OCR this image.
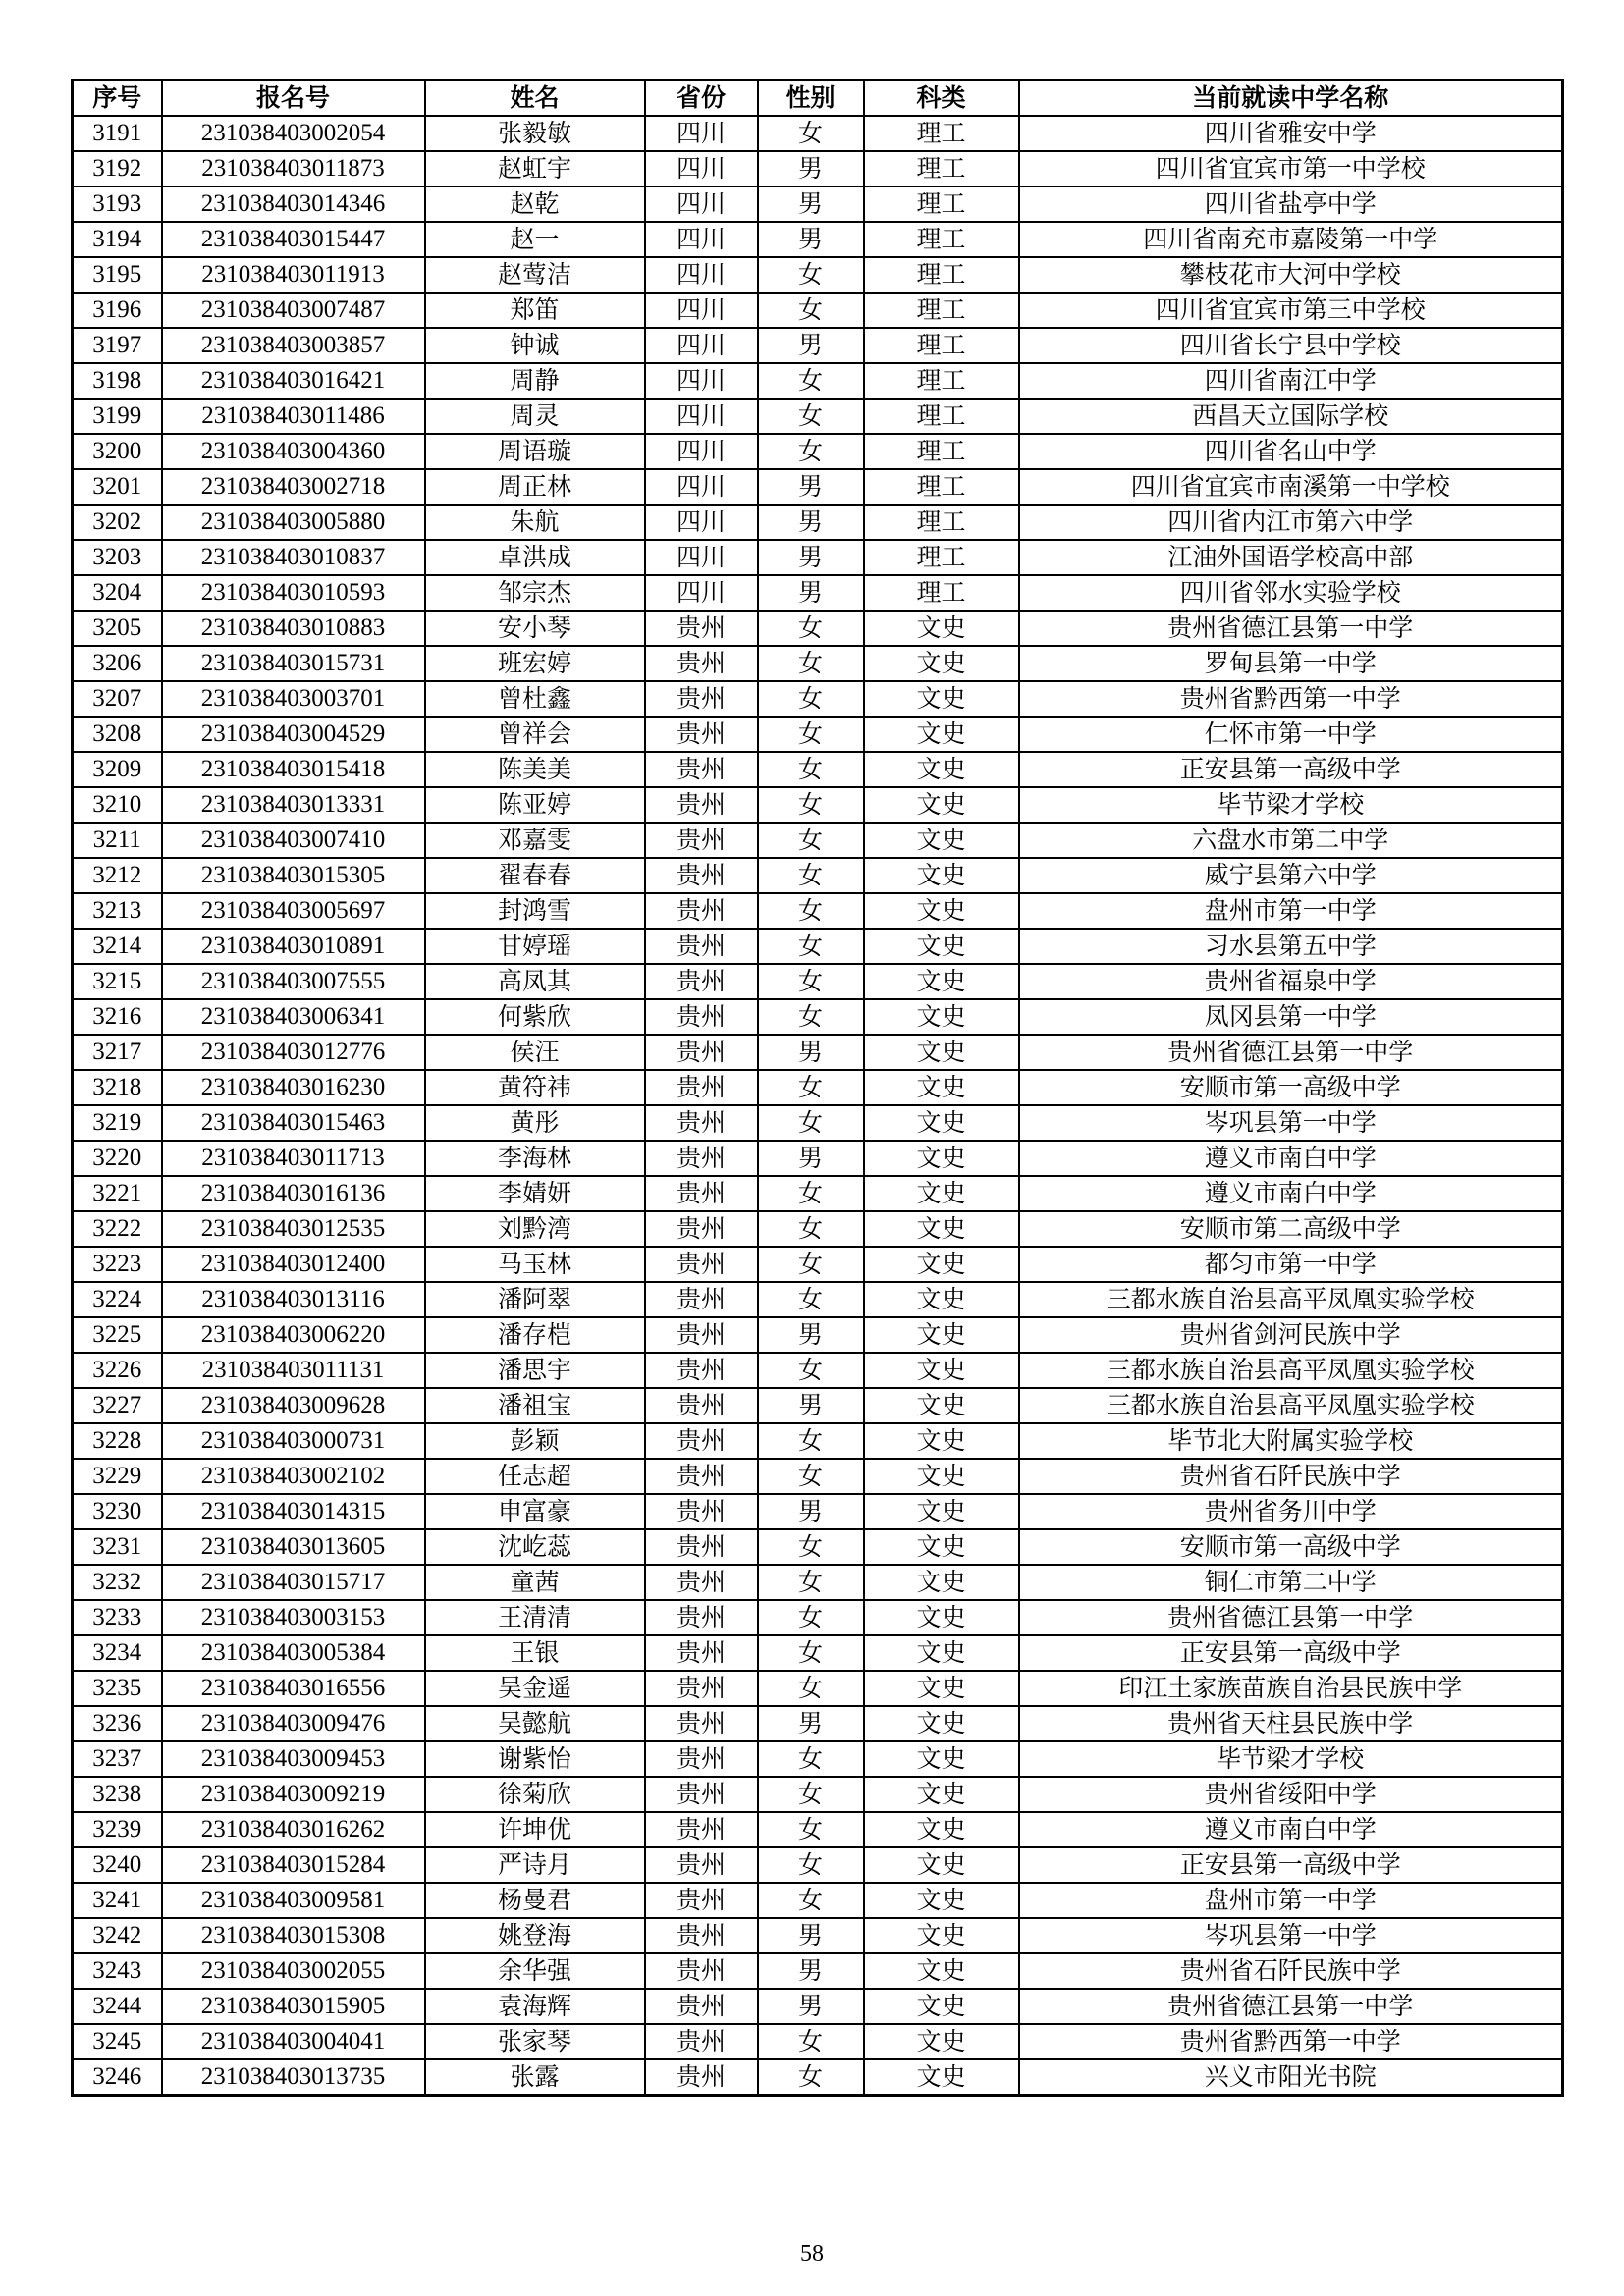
序号	报名号	姓名	省份	性别	科类	当前就读中学名称
3191	231038403002054	张毅敏	四川	女	理工	四川省雅安中学
3192	231038403011873	赵虹宇	四川	男	理工	四川省宜宾市第一中学校
3193	231038403014346	赵乾	四川	男	理工	四川省盐亭中学
3194	231038403015447	赵一	四川	男	理工	四川省南充市嘉陵第一中学
3195	231038403011913	赵莺洁	四川	女	理工	攀枝花市大河中学校
3196	231038403007487	郑笛	四川	女	理工	四川省宜宾市第三中学校
3197	231038403003857	钟诚	四川	男	理工	四川省长宁县中学校
3198	231038403016421	周静	四川	女	理工	四川省南江中学
3199	231038403011486	周灵	四川	女	理工	西昌天立国际学校
3200	231038403004360	周语璇	四川	女	理工	四川省名山中学
3201	231038403002718	周正林	四川	男	理工	四川省宜宾市南溪第一中学校
3202	231038403005880	朱航	四川	男	理工	四川省内江市第六中学
3203	231038403010837	卓洪成	四川	男	理工	江油外国语学校高中部
3204	231038403010593	邹宗杰	四川	男	理工	四川省邻水实验学校
3205	231038403010883	安小琴	贵州	女	文史	贵州省德江县第一中学
3206	231038403015731	班宏婷	贵州	女	文史	罗甸县第一中学
3207	231038403003701	曾杜鑫	贵州	女	文史	贵州省黔西第一中学
3208	231038403004529	曾祥会	贵州	女	文史	仁怀市第一中学
3209	231038403015418	陈美美	贵州	女	文史	正安县第一高级中学
3210	231038403013331	陈亚婷	贵州	女	文史	毕节梁才学校
3211	231038403007410	邓嘉雯	贵州	女	文史	六盘水市第二中学
3212	231038403015305	翟春春	贵州	女	文史	威宁县第六中学
3213	231038403005697	封鸿雪	贵州	女	文史	盘州市第一中学
3214	231038403010891	甘婷瑶	贵州	女	文史	习水县第五中学
3215	231038403007555	高凤其	贵州	女	文史	贵州省福泉中学
3216	231038403006341	何紫欣	贵州	女	文史	凤冈县第一中学
3217	231038403012776	侯汪	贵州	男	文史	贵州省德江县第一中学
3218	231038403016230	黄符祎	贵州	女	文史	安顺市第一高级中学
3219	231038403015463	黄彤	贵州	女	文史	岑巩县第一中学
3220	231038403011713	李海林	贵州	男	文史	遵义市南白中学
3221	231038403016136	李婧妍	贵州	女	文史	遵义市南白中学
3222	231038403012535	刘黔湾	贵州	女	文史	安顺市第二高级中学
3223	231038403012400	马玉林	贵州	女	文史	都匀市第一中学
3224	231038403013116	潘阿翠	贵州	女	文史	三都水族自治县高平凤凰实验学校
3225	231038403006220	潘存桤	贵州	男	文史	贵州省剑河民族中学
3226	231038403011131	潘思宇	贵州	女	文史	三都水族自治县高平凤凰实验学校
3227	231038403009628	潘祖宝	贵州	男	文史	三都水族自治县高平凤凰实验学校
3228	231038403000731	彭颖	贵州	女	文史	毕节北大附属实验学校
3229	231038403002102	任志超	贵州	女	文史	贵州省石阡民族中学
3230	231038403014315	申富豪	贵州	男	文史	贵州省务川中学
3231	231038403013605	沈屹蕊	贵州	女	文史	安顺市第一高级中学
3232	231038403015717	童茜	贵州	女	文史	铜仁市第二中学
3233	231038403003153	王清清	贵州	女	文史	贵州省德江县第一中学
3234	231038403005384	王银	贵州	女	文史	正安县第一高级中学
3235	231038403016556	吴金遥	贵州	女	文史	印江土家族苗族自治县民族中学
3236	231038403009476	吴懿航	贵州	男	文史	贵州省天柱县民族中学
3237	231038403009453	谢紫怡	贵州	女	文史	毕节梁才学校
3238	231038403009219	徐菊欣	贵州	女	文史	贵州省绥阳中学
3239	231038403016262	许坤优	贵州	女	文史	遵义市南白中学
3240	231038403015284	严诗月	贵州	女	文史	正安县第一高级中学
3241	231038403009581	杨曼君	贵州	女	文史	盘州市第一中学
3242	231038403015308	姚登海	贵州	男	文史	岑巩县第一中学
3243	231038403002055	余华强	贵州	男	文史	贵州省石阡民族中学
3244	231038403015905	袁海辉	贵州	男	文史	贵州省德江县第一中学
3245	231038403004041	张家琴	贵州	女	文史	贵州省黔西第一中学
3246	231038403013735	张露	贵州	女	文史	兴义市阳光书院
58
